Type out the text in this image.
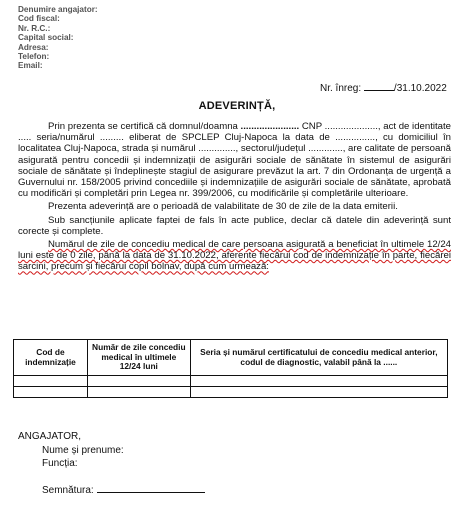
Denumire angajator:
Cod fiscal:
Nr. R.C.:
Capital social:
Adresa:
Telefon:
Email:
Nr. înreg:	/31.10.2022
ADEVERINȚĂ,

Prin prezenta se certifică că domnul/doamna ...................... CNP ...................., act de identitate ..... seria/numărul ......... eliberat de SPCLEP Cluj-Napoca la data de ..............., cu domiciliul în localitatea Cluj-Napoca, strada și numărul .............., sectorul/județul ............., are calitate de persoană asigurată pentru concedii și indemnizații de asigurări sociale de sănătate în sistemul de asigurări sociale de sănătate și îndeplinește stagiul de asigurare prevăzut la art. 7 din Ordonanța de urgență a Guvernului nr. 158/2005 privind concediile și indemnizațiile de asigurări sociale de sănătate, aprobată cu modificări și completări prin Legea nr. 399/2006, cu modificările și completările ulterioare.

Prezenta adeverință are o perioadă de valabilitate de 30 de zile de la data emiterii.

Sub sancțiunile aplicate faptei de fals în acte publice, declar că datele din adeverință sunt corecte și complete.

Numărul de zile de concediu medical de care persoana asigurată a beneficiat în ultimele 12/24 luni este de 0 zile, până la data de 31.10.2022, aferente fiecărui cod de indemnizație în parte, fiecărei sarcini, precum și fiecărui copil bolnav, după cum urmează:

Cod de indemnizație	Număr de zile concediu medical în ultimele 12/24 luni	Seria și numărul certificatului de concediu medical anterior, codul de diagnostic, valabil până la ......

ANGAJATOR,
Nume și prenume:
Funcția:
Semnătura:
